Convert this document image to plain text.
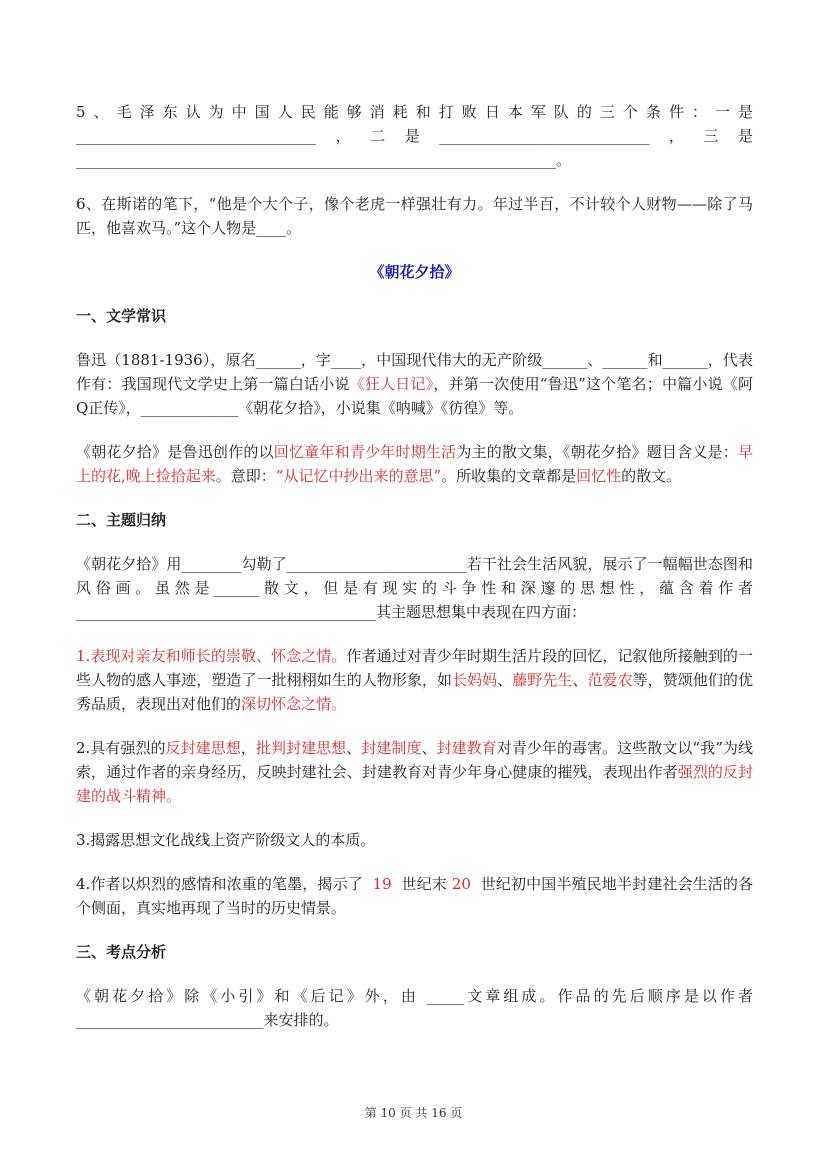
5、毛泽东认为中国人民能够消耗和打败日本军队的三个条件：一是________________________________，二是____________________________，三是________________________________________________________________。
6、在斯诺的笔下，“他是个大个子，像个老虎一样强壮有力。年过半百，不计较个人财物——除了马匹，他喜欢马。”这个人物是____。
《朝花夕拾》
一、文学常识
鲁迅（1881-1936），原名______，字____，中国现代伟大的无产阶级______、______和______，代表作有：我国现代文学史上第一篇白话小说《狂人日记》，并第一次使用“鲁迅”这个笔名；中篇小说《阿Q正传》，_____________《朝花夕拾》，小说集《呐喊》《彷徨》等。
《朝花夕拾》是鲁迅创作的以回忆童年和青少年时期生活为主的散文集，《朝花夕拾》题目含义是：早上的花,晚上捡拾起来。意即：“从记忆中抄出来的意思”。所收集的文章都是回忆性的散文。
二、主题归纳
《朝花夕拾》用________勾勒了________________________若干社会生活风貌，展示了一幅幅世态图和风俗画。虽然是______散文，但是有现实的斗争性和深邃的思想性，蕴含着作者________________________________________其主题思想集中表现在四方面：
1.表现对亲友和师长的崇敬、怀念之情。作者通过对青少年时期生活片段的回忆，记叙他所接触到的一些人物的感人事迹，塑造了一批栩栩如生的人物形象，如长妈妈、藤野先生、范爱农等，赞颂他们的优秀品质，表现出对他们的深切怀念之情。
2.具有强烈的反封建思想，批判封建思想、封建制度、封建教育对青少年的毒害。这些散文以“我”为线索，通过作者的亲身经历，反映封建社会、封建教育对青少年身心健康的摧残，表现出作者强烈的反封建的战斗精神。
3.揭露思想文化战线上资产阶级文人的本质。
4.作者以炽烈的感情和浓重的笔墨，揭示了  19  世纪末 20  世纪初中国半殖民地半封建社会生活的各个侧面，真实地再现了当时的历史情景。
三、考点分析
《朝花夕拾》除《小引》和《后记》外，由 _____文章组成。作品的先后顺序是以作者_________________________来安排的。
第 10 页 共 16 页
